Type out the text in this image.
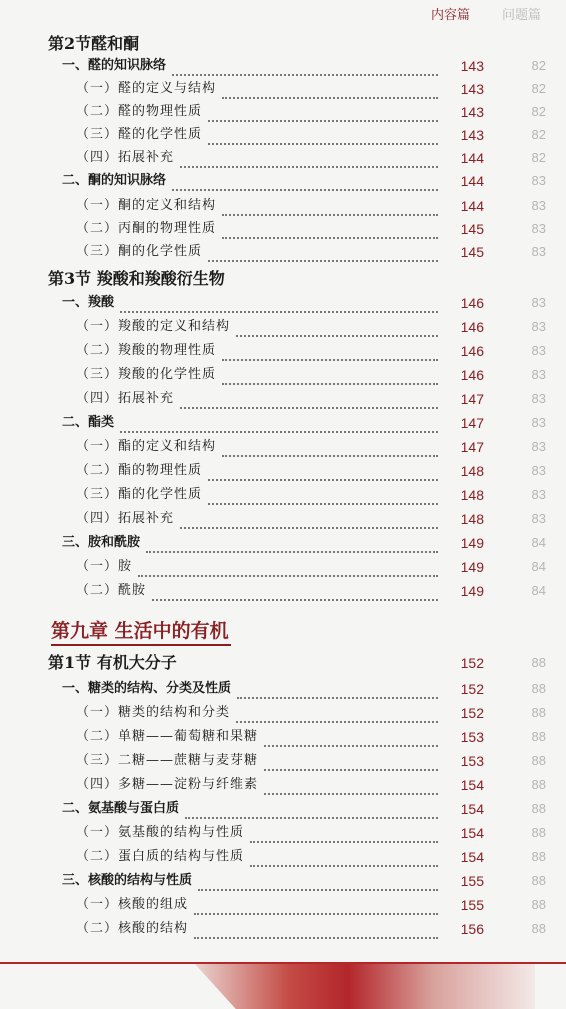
内容篇 问题篇
第2节醛和酮
一、醛的知识脉络	143	82
（一）醛的定义与结构	143	82
（二）醛的物理性质	143	82
（三）醛的化学性质	143	82
（四）拓展补充	144	82
二、酮的知识脉络	144	83
（一）酮的定义和结构	144	83
（二）丙酮的物理性质	145	83
（三）酮的化学性质	145	83
第3节 羧酸和羧酸衍生物
一、羧酸	146	83
（一）羧酸的定义和结构	146	83
（二）羧酸的物理性质	146	83
（三）羧酸的化学性质	146	83
（四）拓展补充	147	83
二、酯类	147	83
（一）酯的定义和结构	147	83
（二）酯的物理性质	148	83
（三）酯的化学性质	148	83
（四）拓展补充	148	83
三、胺和酰胺	149	84
（一）胺	149	84
（二）酰胺	149	84
第九章 生活中的有机
第1节 有机大分子	152	88
一、糖类的结构、分类及性质	152	88
（一）糖类的结构和分类	152	88
（二）单糖——葡萄糖和果糖	153	88
（三）二糖——蔗糖与麦芽糖	153	88
（四）多糖——淀粉与纤维素	154	88
二、氨基酸与蛋白质	154	88
（一）氨基酸的结构与性质	154	88
（二）蛋白质的结构与性质	154	88
三、核酸的结构与性质	155	88
（一）核酸的组成	155	88
（二）核酸的结构	156	88
